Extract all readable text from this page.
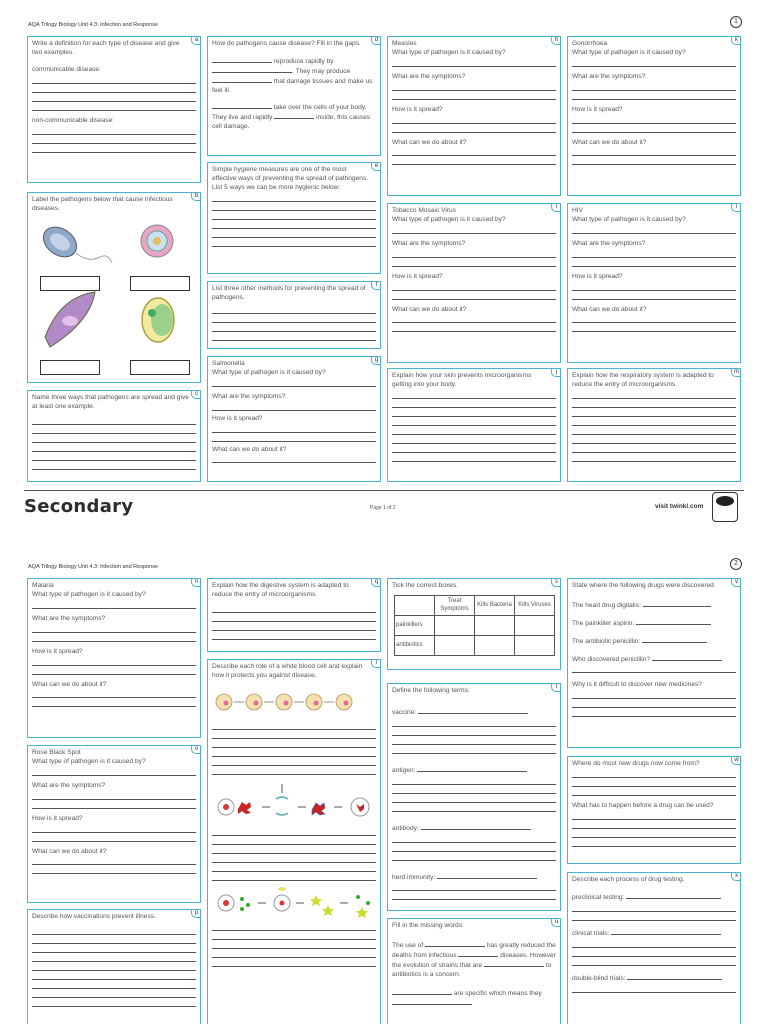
AQA Trilogy Biology Unit 4.3: Infection and Response	1
a
Write a definition for each type of disease and give two examples.
communicable disease:
non-communicable disease:
b
Label the pathogens below that cause infectious diseases.
c
Name three ways that pathogens are spread and give at least one example.
d
How do pathogens cause disease? Fill in the gaps.
reproduce rapidly by
. They may produce
that damage tissues and make us feel ill.
take over the cells of your body. They live and rapidly	inside, this causes cell damage.
e
Simple hygiene measures are one of the most effective ways of preventing the spread of pathogens. List 5 ways we can be more hygienic below:
f
List three other methods for preventing the spread of pathogens.
g
Salmonella
What type of pathogen is it caused by?
What are the symptoms?
How is it spread?
What can we do about it?
h
Measles
What type of pathogen is it caused by?
What are the symptoms?
How is it spread?
What can we do about it?
i
Tobacco Mosaic Virus
What type of pathogen is it caused by?
What are the symptoms?
How is it spread?
What can we do about it?
j
Explain how your skin prevents microorganisms getting into your body.
k
Gonorrhoea
What type of pathogen is it caused by?
What are the symptoms?
How is it spread?
What can we do about it?
l
HIV
What type of pathogen is it caused by?
What are the symptoms?
How is it spread?
What can we do about it?
m
Explain how the respiratory system is adapted to reduce the entry of microorganisms.
Secondary	Page 1 of 2	visit twinkl.com
AQA Trilogy Biology Unit 4.3: Infection and Response	2
n
Malaria
What type of pathogen is it caused by?
What are the symptoms?
How is it spread?
What can we do about it?
o
Rose Black Spot
What type of pathogen is it caused by?
What are the symptoms?
How is it spread?
What can we do about it?
p
Describe how vaccinations prevent illness.
q
Explain how the digestive system is adapted to reduce the entry of microorganisms.
r
Describe each role of a white blood cell and explain how it protects you against disease.
s
Tick the correct boxes.
	Treat Symptoms	Kills Bacteria	Kills Viruses
painkillers			
antibiotics			
t
Define the following terms:
vaccine:
antigen:
antibody:
herd immunity:
u
Fill in the missing words:
The use of	has greatly reduced the deaths from infectious	diseases. However the evolution of strains that are	to antibiotics is a concern.
are specific which means they
v
State where the following drugs were discovered.
The heart drug digitalis:
The painkiller aspirin:
The antibiotic penicillin:
Who discovered penicillin?
Why is it difficult to discover new medicines?
w
Where do most new drugs now come from?
What has to happen before a drug can be used?
x
Describe each process of drug testing.
preclinical testing:
clinical trials:
double-blind trials:
